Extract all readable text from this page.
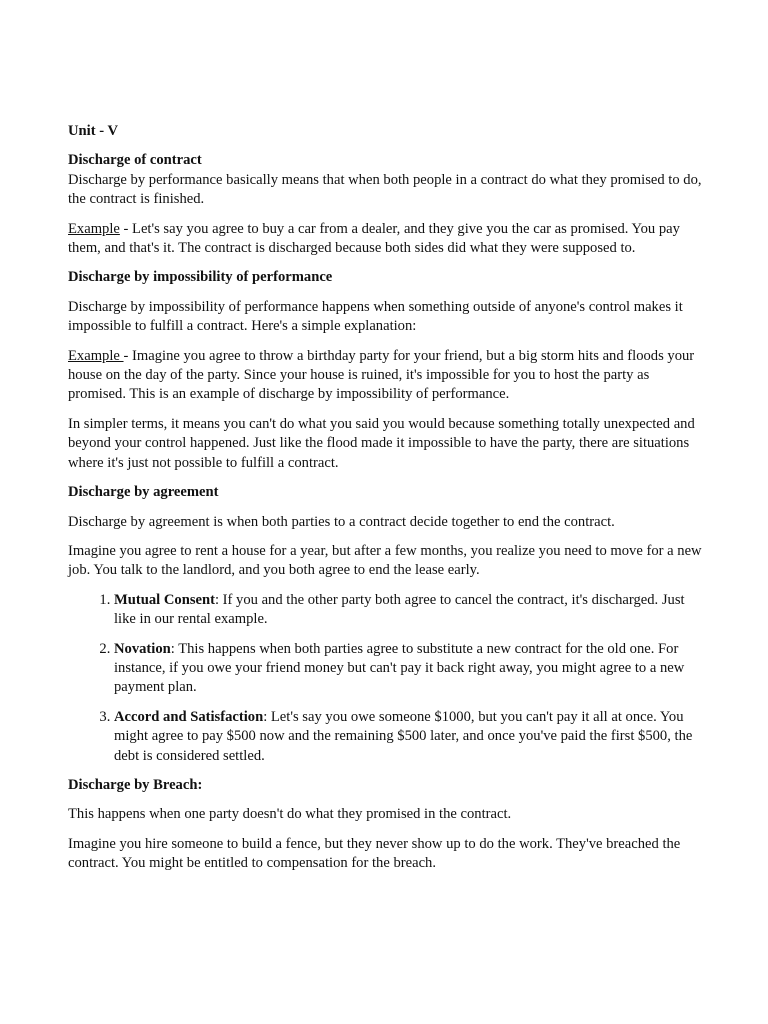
Unit - V
Discharge of contract

Discharge by performance basically means that when both people in a contract do what they promised to do, the contract is finished.

Example - Let's say you agree to buy a car from a dealer, and they give you the car as promised. You pay them, and that's it. The contract is discharged because both sides did what they were supposed to.

Discharge by impossibility of performance

Discharge by impossibility of performance happens when something outside of anyone's control makes it impossible to fulfill a contract. Here's a simple explanation:

Example - Imagine you agree to throw a birthday party for your friend, but a big storm hits and floods your house on the day of the party. Since your house is ruined, it's impossible for you to host the party as promised. This is an example of discharge by impossibility of performance.

In simpler terms, it means you can't do what you said you would because something totally unexpected and beyond your control happened. Just like the flood made it impossible to have the party, there are situations where it's just not possible to fulfill a contract.

Discharge by agreement

Discharge by agreement is when both parties to a contract decide together to end the contract.

Imagine you agree to rent a house for a year, but after a few months, you realize you need to move for a new job. You talk to the landlord, and you both agree to end the lease early.

1. Mutual Consent: If you and the other party both agree to cancel the contract, it's discharged. Just like in our rental example.
2. Novation: This happens when both parties agree to substitute a new contract for the old one. For instance, if you owe your friend money but can't pay it back right away, you might agree to a new payment plan.
3. Accord and Satisfaction: Let's say you owe someone $1000, but you can't pay it all at once. You might agree to pay $500 now and the remaining $500 later, and once you've paid the first $500, the debt is considered settled.
Discharge by Breach:

This happens when one party doesn't do what they promised in the contract.

Imagine you hire someone to build a fence, but they never show up to do the work. They've breached the contract. You might be entitled to compensation for the breach.
